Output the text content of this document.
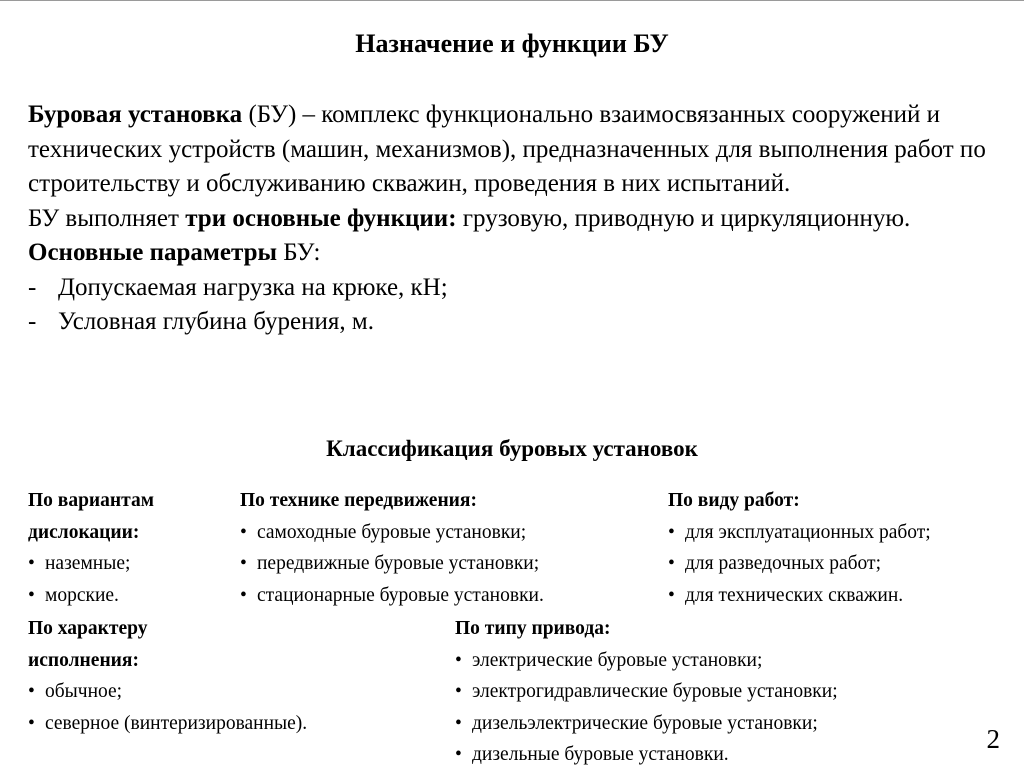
Назначение и функции БУ

Буровая установка (БУ) – комплекс функционально взаимосвязанных сооружений и технических устройств (машин, механизмов), предназначенных для выполнения работ по строительству и обслуживанию скважин, проведения в них испытаний.

БУ выполняет три основные функции: грузовую, приводную и циркуляционную.

Основные параметры БУ:

- Допускаемая нагрузка на крюке, кН;
- Условная глубина бурения, м.
Классификация буровых установок
По вариантам
дислокации:
• наземные;
• морские.
По технике передвижения:
• самоходные буровые установки;
• передвижные буровые установки;
• стационарные буровые установки.
По виду работ:
• для эксплуатационных работ;
• для разведочных работ;
• для технических скважин.
По характеру
исполнения:
• обычное;
• северное (винтеризированные).
По типу привода:
• электрические буровые установки;
• электрогидравлические буровые установки;
• дизельэлектрические буровые установки;
• дизельные буровые установки.
2
